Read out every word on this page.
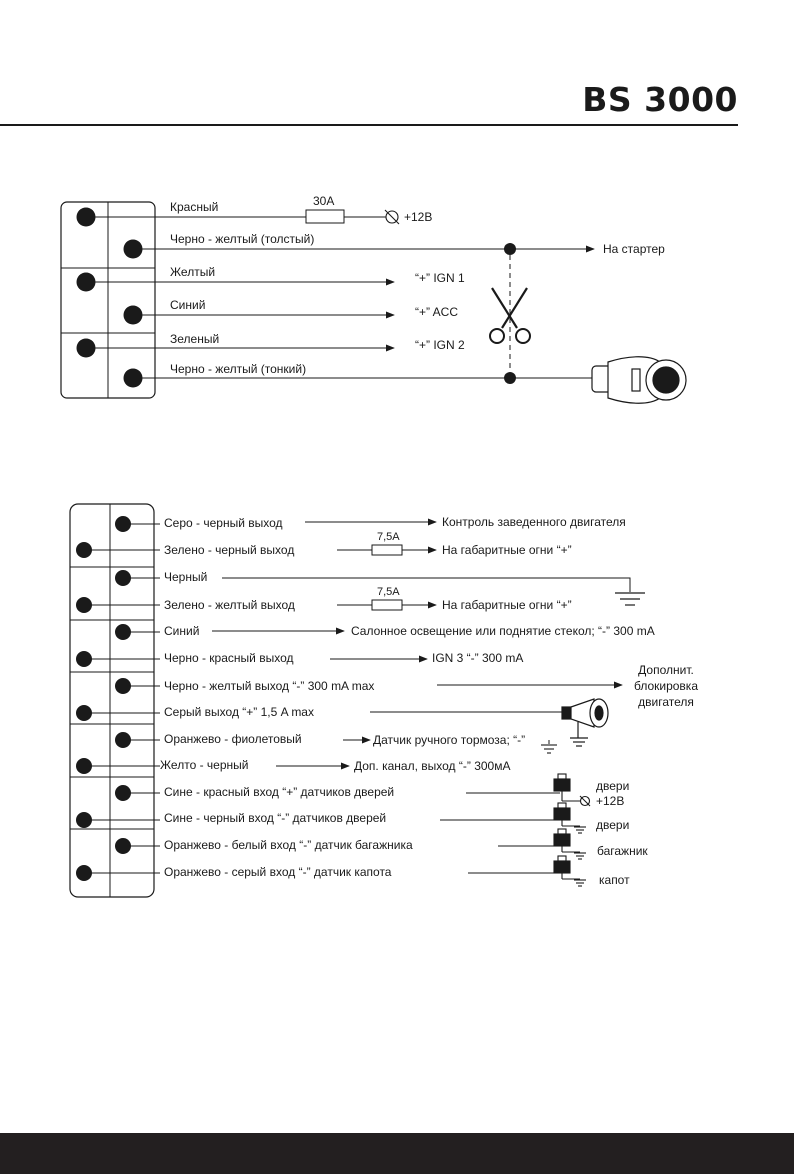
BS 3000
Красный	30A
+12В
Черно - желтый (толстый)
На стартер
Желтый	“+” IGN 1
Синий	“+” ACC
Зеленый	“+” IGN 2
Черно - желтый (тонкий)
Серо - черный выход
Зелено - черный выход
Черный
Зелено - желтый выход
Синий
Черно - красный выход
Черно - желтый выход “-” 300 mA max
Серый выход “+” 1,5 A max
Оранжево - фиолетовый
Желто - черный
Сине - красный вход “+” датчиков дверей
Сине - черный вход “-” датчиков дверей
Оранжево - белый вход “-” датчик багажника
Оранжево - серый вход “-” датчик капота
Контроль заведенного двигателя
7,5A
На габаритные огни “+”
7,5A
На габаритные огни “+”
Салонное освещение или поднятие стекол; “-” 300 mA
IGN 3 “-” 300 mA
Дополнит.
блокировка
двигателя
Датчик ручного тормоза; “-”
Доп. канал, выход “-” 300мА
двери
+12В
двери
багажник
капот
